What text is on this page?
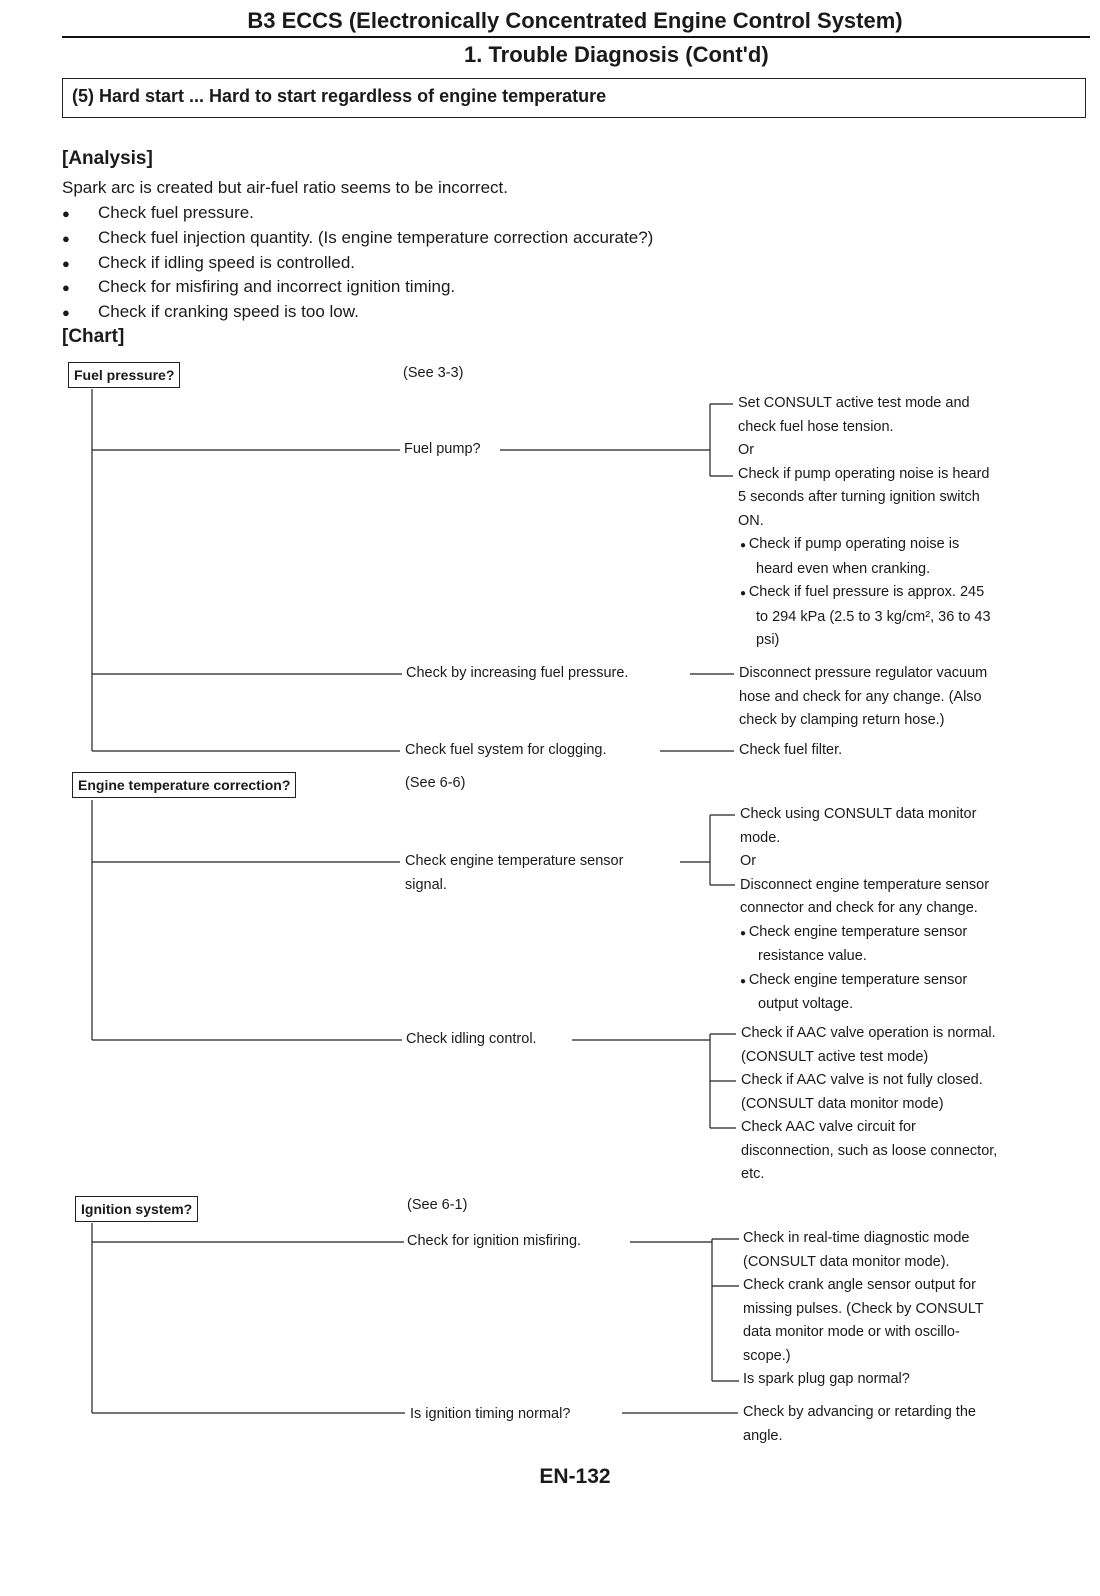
B3 ECCS (Electronically Concentrated Engine Control System)
1. Trouble Diagnosis (Cont'd)
(5) Hard start ... Hard to start regardless of engine temperature
[Analysis]
Spark arc is created but air-fuel ratio seems to be incorrect.
● Check fuel pressure.
● Check fuel injection quantity. (Is engine temperature correction accurate?)
● Check if idling speed is controlled.
● Check for misfiring and incorrect ignition timing.
● Check if cranking speed is too low.
[Chart]
Fuel pressure?	(See 3-3)
Fuel pump?
Set CONSULT active test mode and
check fuel hose tension.
Or
Check if pump operating noise is heard
5 seconds after turning ignition switch
ON.
● Check if pump operating noise is
heard even when cranking.
● Check if fuel pressure is approx. 245
to 294 kPa (2.5 to 3 kg/cm², 36 to 43
psi)
Check by increasing fuel pressure.	Disconnect pressure regulator vacuum
hose and check for any change. (Also
check by clamping return hose.)
Check fuel system for clogging.	Check fuel filter.
Engine temperature correction?	(See 6-6)
Check engine temperature sensor
signal.
Check using CONSULT data monitor
mode.
Or
Disconnect engine temperature sensor
connector and check for any change.
● Check engine temperature sensor
resistance value.
● Check engine temperature sensor
output voltage.
Check idling control.	Check if AAC valve operation is normal.
(CONSULT active test mode)
Check if AAC valve is not fully closed.
(CONSULT data monitor mode)
Check AAC valve circuit for
disconnection, such as loose connector,
etc.
Ignition system?	(See 6-1)
Check for ignition misfiring.	Check in real-time diagnostic mode
(CONSULT data monitor mode).
Check crank angle sensor output for
missing pulses. (Check by CONSULT
data monitor mode or with oscillo-
scope.)
Is spark plug gap normal?
Is ignition timing normal?	Check by advancing or retarding the
angle.
EN-132
